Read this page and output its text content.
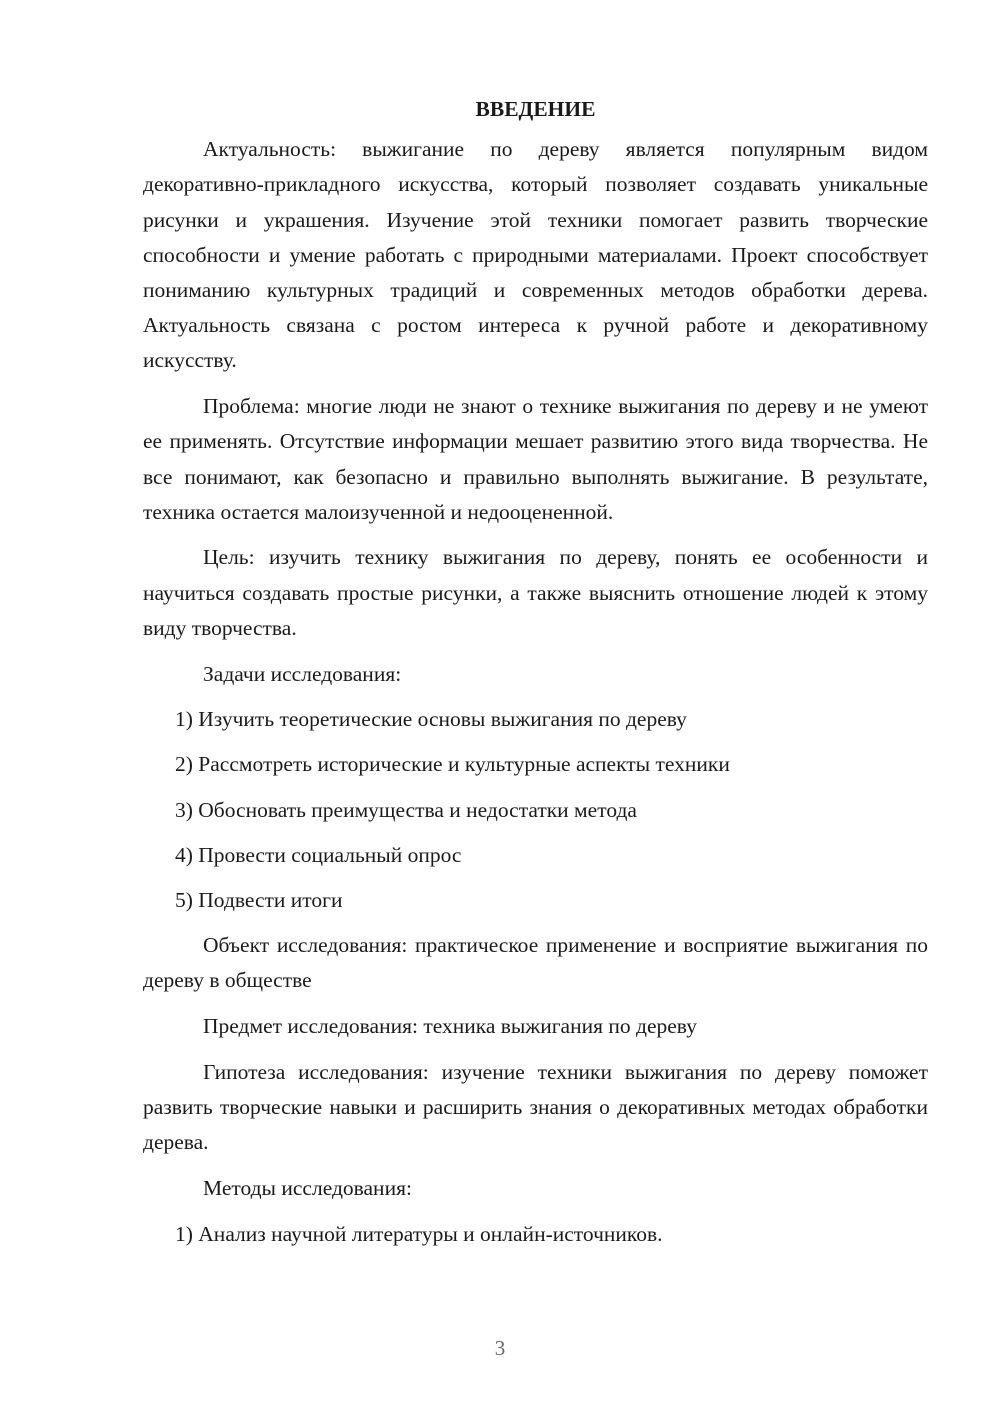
ВВЕДЕНИЕ

Актуальность: выжигание по дереву является популярным видом декоративно-прикладного искусства, который позволяет создавать уникальные рисунки и украшения. Изучение этой техники помогает развить творческие способности и умение работать с природными материалами. Проект способствует пониманию культурных традиций и современных методов обработки дерева. Актуальность связана с ростом интереса к ручной работе и декоративному искусству.

Проблема: многие люди не знают о технике выжигания по дереву и не умеют ее применять. Отсутствие информации мешает развитию этого вида творчества. Не все понимают, как безопасно и правильно выполнять выжигание. В результате, техника остается малоизученной и недооцененной.

Цель: изучить технику выжигания по дереву, понять ее особенности и научиться создавать простые рисунки, а также выяснить отношение людей к этому виду творчества.

Задачи исследования:

1) Изучить теоретические основы выжигания по дереву
2) Рассмотреть исторические и культурные аспекты техники
3) Обосновать преимущества и недостатки метода
4) Провести социальный опрос
5) Подвести итоги

Объект исследования: практическое применение и восприятие выжигания по дереву в обществе

Предмет исследования: техника выжигания по дереву

Гипотеза исследования: изучение техники выжигания по дереву поможет развить творческие навыки и расширить знания о декоративных методах обработки дерева.

Методы исследования:

1) Анализ научной литературы и онлайн-источников.
3
